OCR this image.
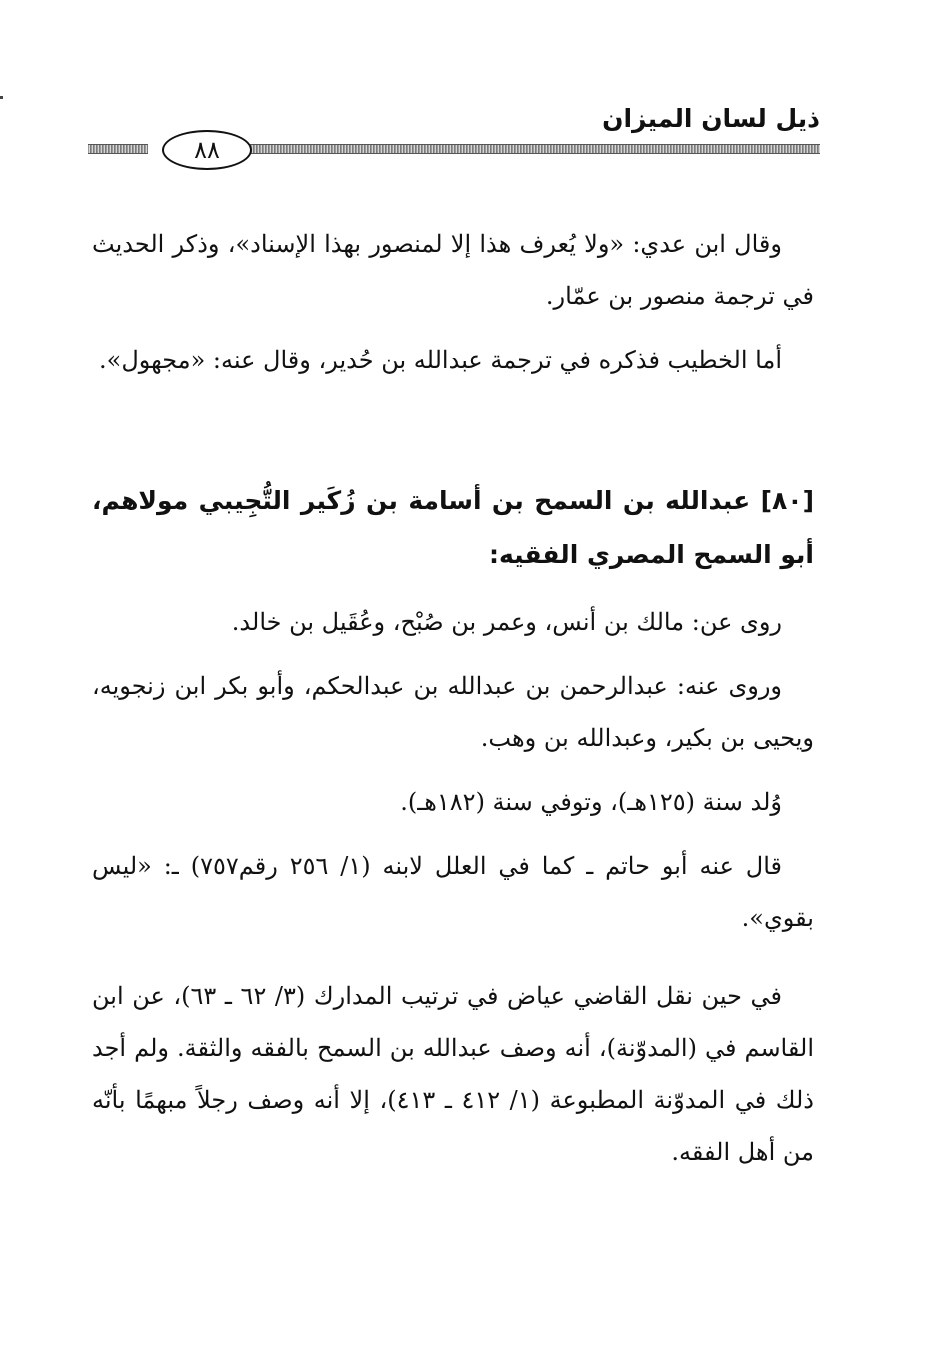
ذيل لسان الميزان
٨٨

وقال ابن عدي: «ولا يُعرف هذا إلا لمنصور بهذا الإسناد»، وذكر الحديث في ترجمة منصور بن عمّار.

أما الخطيب فذكره في ترجمة عبدالله بن حُدير، وقال عنه: «مجهول».

[٨٠] عبدالله بن السمح بن أسامة بن زُكَير التُّجِيبي مولاهم، أبو السمح المصري الفقيه:

روى عن: مالك بن أنس، وعمر بن صُبْح، وعُقَيل بن خالد.

وروى عنه: عبدالرحمن بن عبدالله بن عبدالحكم، وأبو بكر ابن زنجويه، ويحيى بن بكير، وعبدالله بن وهب.

وُلد سنة (١٢٥هـ)، وتوفي سنة (١٨٢هـ).

قال عنه أبو حاتم ـ كما في العلل لابنه (١/ ٢٥٦ رقم٧٥٧) ـ: «ليس بقوي».

في حين نقل القاضي عياض في ترتيب المدارك (٣/ ٦٢ ـ ٦٣)، عن ابن القاسم في (المدوّنة)، أنه وصف عبدالله بن السمح بالفقه والثقة. ولم أجد ذلك في المدوّنة المطبوعة (١/ ٤١٢ ـ ٤١٣)، إلا أنه وصف رجلاً مبهمًا بأنّه من أهل الفقه.
